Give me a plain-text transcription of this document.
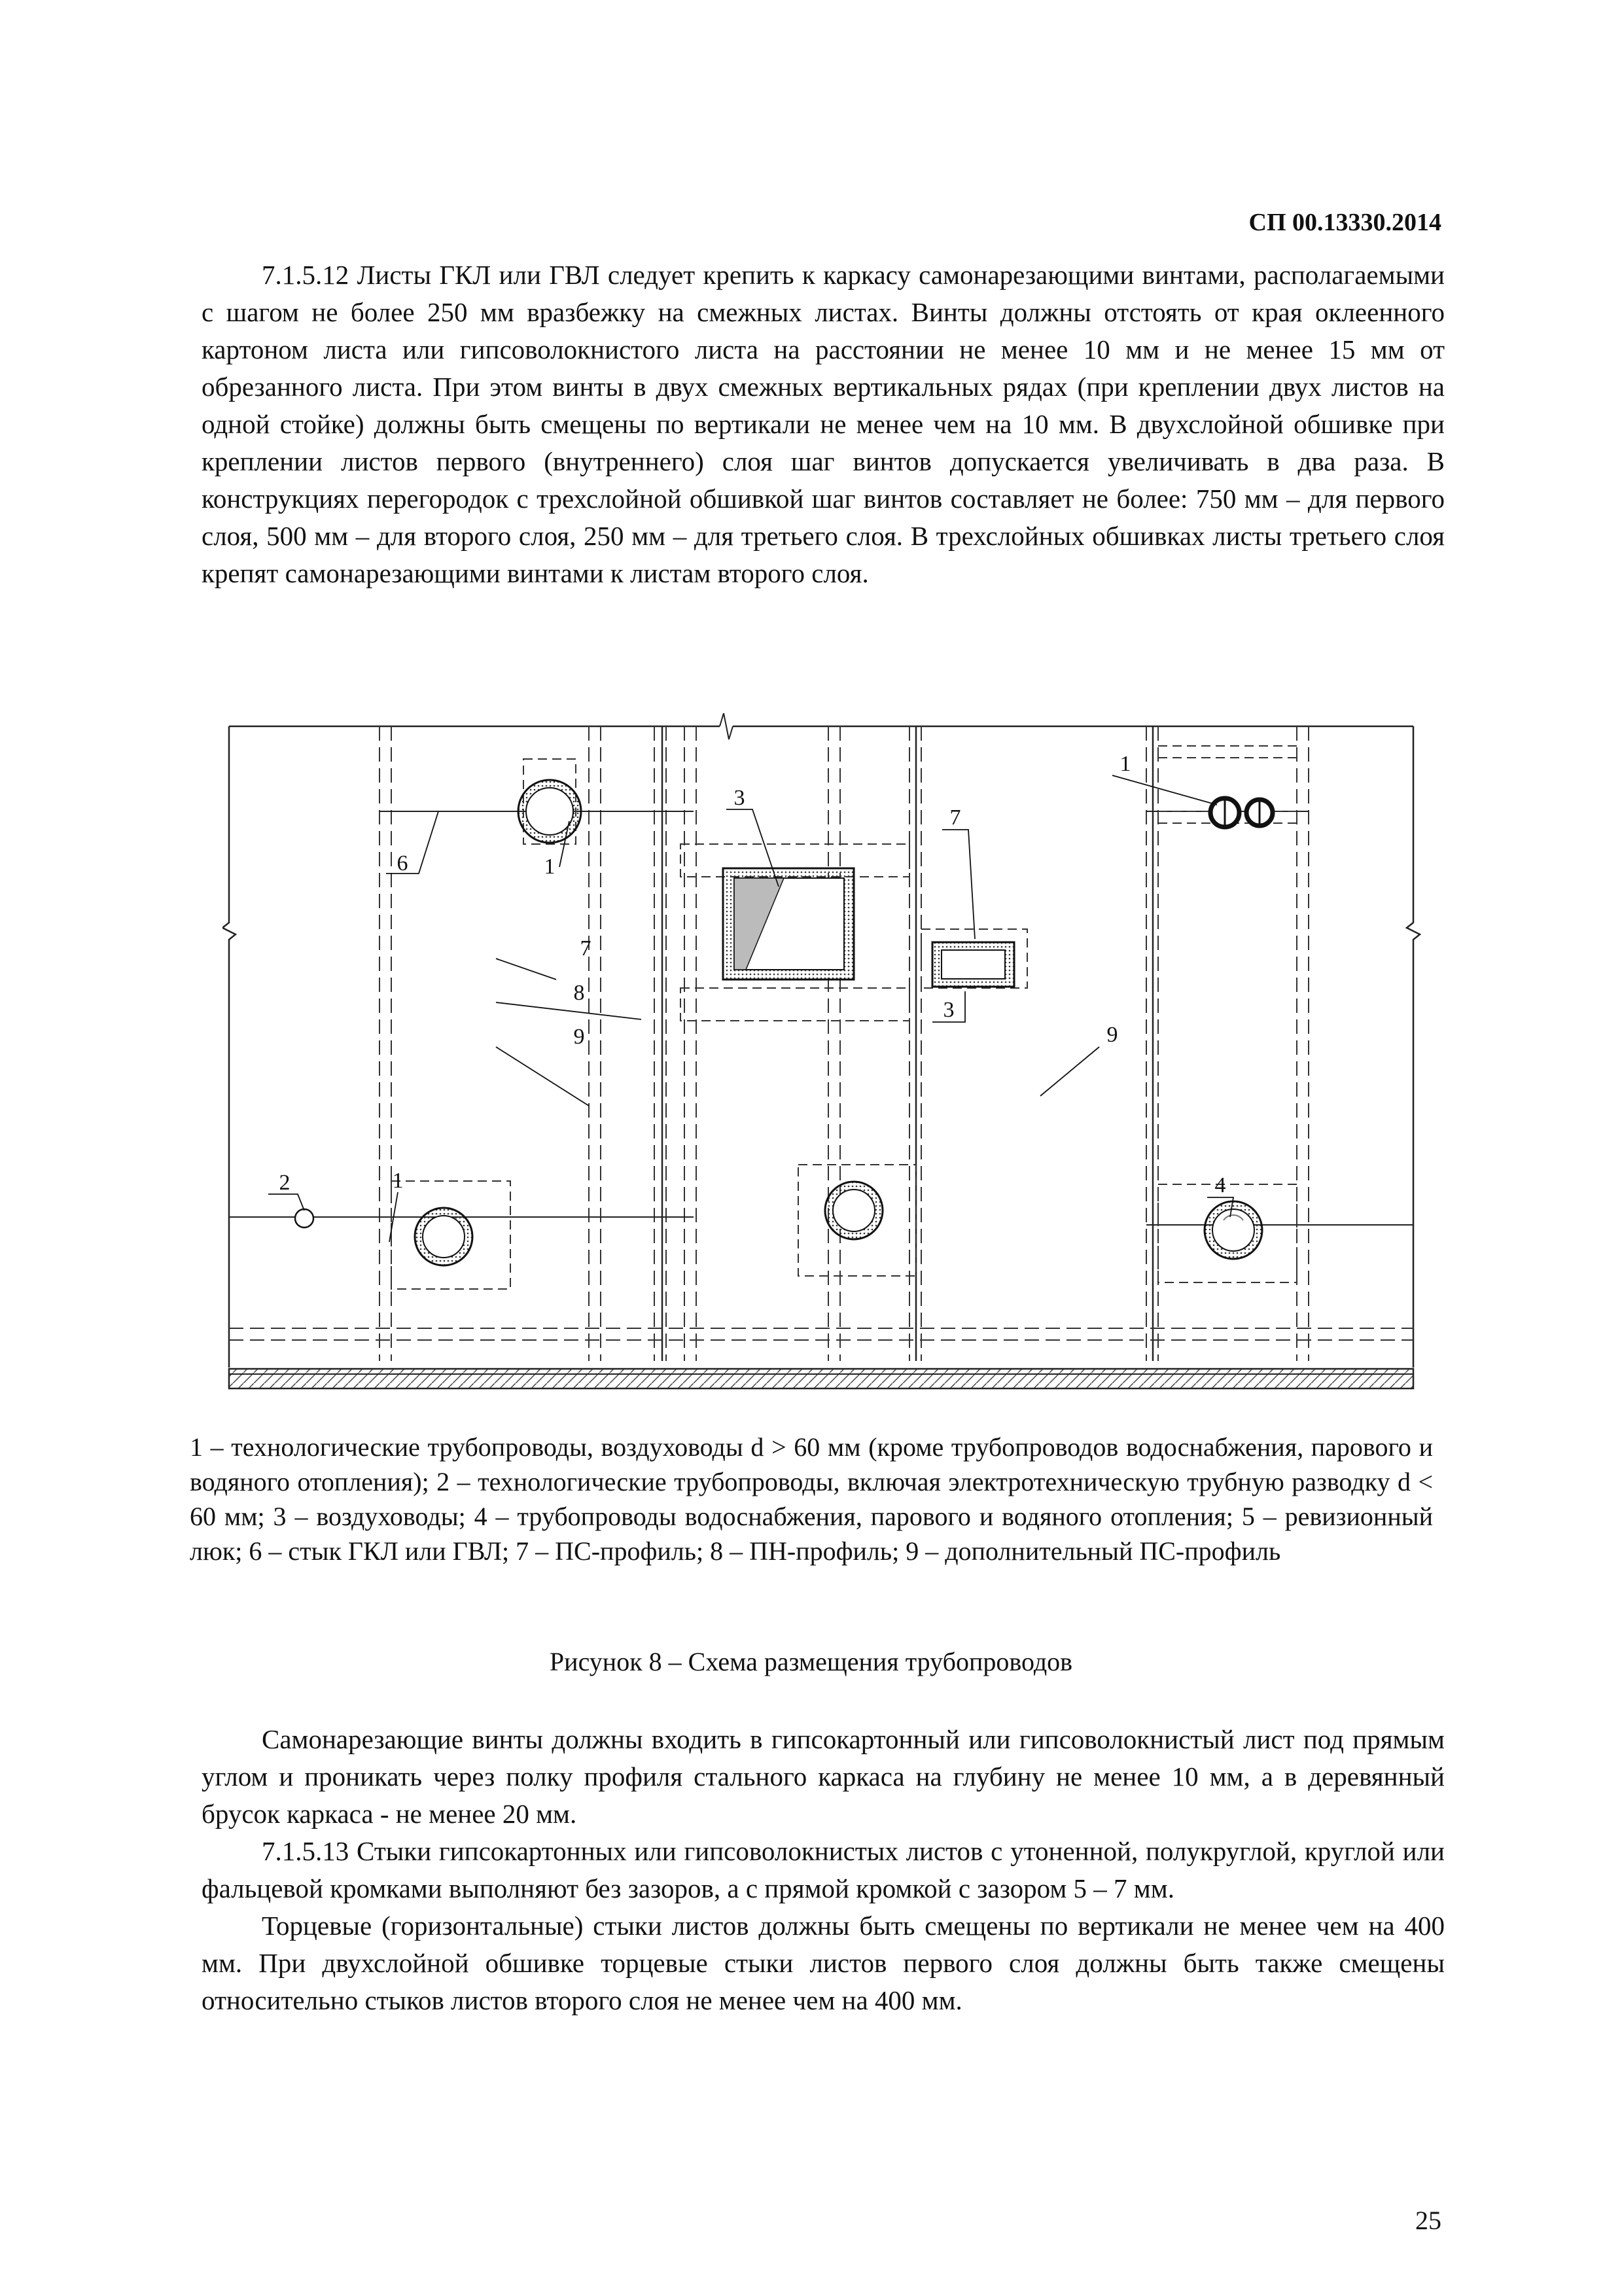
СП 00.13330.2014

7.1.5.12 Листы ГКЛ или ГВЛ следует крепить к каркасу самонарезающими винтами, располагаемыми с шагом не более 250 мм вразбежку на смежных листах. Винты должны отстоять от края оклеенного картоном листа или гипсоволокнистого листа на расстоянии не менее 10 мм и не менее 15 мм от обрезанного листа. При этом винты в двух смежных вертикальных рядах (при креплении двух листов на одной стойке) должны быть смещены по вертикали не менее чем на 10 мм. В двухслойной обшивке при креплении листов первого (внутреннего) слоя шаг винтов допускается увеличивать в два раза. В конструкциях перегородок с трехслойной обшивкой шаг винтов составляет не более: 750 мм – для первого слоя, 500 мм – для второго слоя, 250 мм – для третьего слоя. В трехслойных обшивках листы третьего слоя крепят самонарезающими винтами к листам второго слоя.

1
6
3
7
8
9
1
2
7
3
9
1
4
1 – технологические трубопроводы, воздуховоды d > 60 мм (кроме трубопроводов водоснабжения, парового и водяного отопления); 2 – технологические трубопроводы, включая электротехническую трубную разводку d < 60 мм; 3 – воздуховоды; 4 – трубопроводы водоснабжения, парового и водяного отопления; 5 – ревизионный люк; 6 – стык ГКЛ или ГВЛ; 7 – ПС-профиль; 8 – ПН-профиль; 9 – дополнительный ПС-профиль
Рисунок 8 – Схема размещения трубопроводов

Самонарезающие винты должны входить в гипсокартонный или гипсоволокнистый лист под прямым углом и проникать через полку профиля стального каркаса на глубину не менее 10 мм, а в деревянный брусок каркаса - не менее 20 мм.

7.1.5.13 Стыки гипсокартонных или гипсоволокнистых листов с утоненной, полукруглой, круглой или фальцевой кромками выполняют без зазоров, а с прямой кромкой с зазором 5 – 7 мм.

Торцевые (горизонтальные) стыки листов должны быть смещены по вертикали не менее чем на 400 мм. При двухслойной обшивке торцевые стыки листов первого слоя должны быть также смещены относительно стыков листов второго слоя не менее чем на 400 мм.

25
